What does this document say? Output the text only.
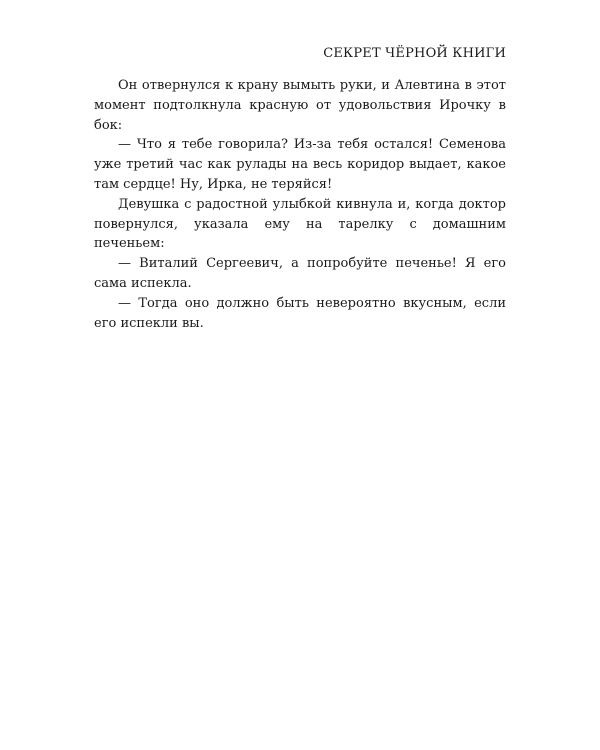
СЕКРЕТ ЧЁРНОЙ КНИГИ

Он отвернулся к крану вымыть руки, и Алевтина в этот момент подтолкнула красную от удовольствия Ирочку в бок:

— Что я тебе говорила? Из-за тебя остался! Семенова уже третий час как рулады на весь коридор выдает, какое там сердце! Ну, Ирка, не теряйся!

Девушка с радостной улыбкой кивнула и, когда доктор повернулся, указала ему на тарелку с домашним печеньем:

— Виталий Сергеевич, а попробуйте печенье! Я его сама испекла.

— Тогда оно должно быть невероятно вкусным, если его испекли вы.
